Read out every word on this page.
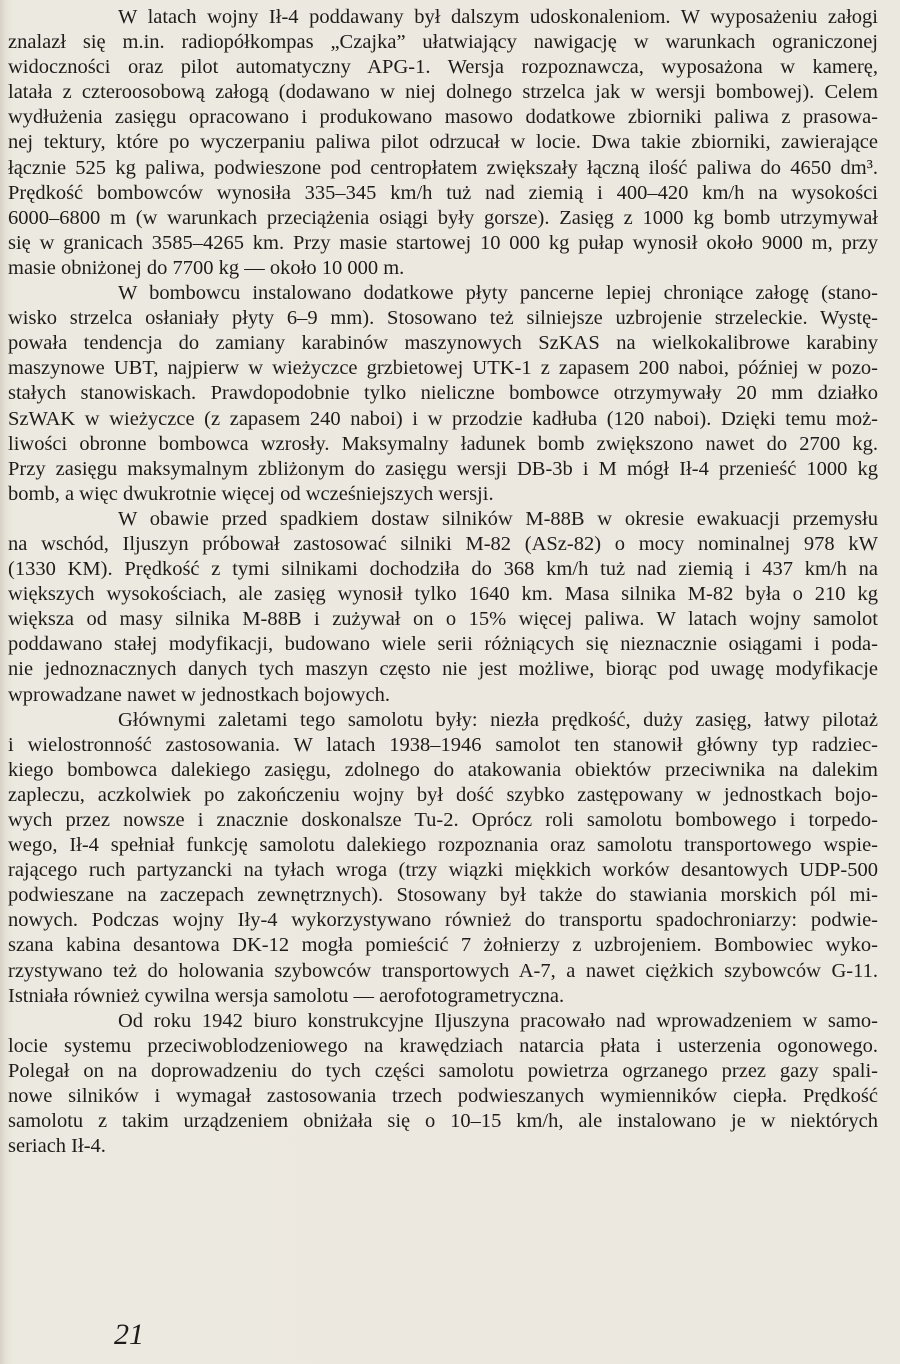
W latach wojny Ił-4 poddawany był dalszym udoskonaleniom. W wyposażeniu załogi
znalazł się m.in. radiopółkompas „Czajka” ułatwiający nawigację w warunkach ograniczonej
widoczności oraz pilot automatyczny APG-1. Wersja rozpoznawcza, wyposażona w kamerę,
latała z czteroosobową załogą (dodawano w niej dolnego strzelca jak w wersji bombowej). Celem
wydłużenia zasięgu opracowano i produkowano masowo dodatkowe zbiorniki paliwa z prasowa-
nej tektury, które po wyczerpaniu paliwa pilot odrzucał w locie. Dwa takie zbiorniki, zawierające
łącznie 525 kg paliwa, podwieszone pod centropłatem zwiększały łączną ilość paliwa do 4650 dm³.
Prędkość bombowców wynosiła 335–345 km/h tuż nad ziemią i 400–420 km/h na wysokości
6000–6800 m (w warunkach przeciążenia osiągi były gorsze). Zasięg z 1000 kg bomb utrzymywał
się w granicach 3585–4265 km. Przy masie startowej 10 000 kg pułap wynosił około 9000 m, przy
masie obniżonej do 7700 kg — około 10 000 m.
W bombowcu instalowano dodatkowe płyty pancerne lepiej chroniące załogę (stano-
wisko strzelca osłaniały płyty 6–9 mm). Stosowano też silniejsze uzbrojenie strzeleckie. Wystę-
powała tendencja do zamiany karabinów maszynowych SzKAS na wielkokalibrowe karabiny
maszynowe UBT, najpierw w wieżyczce grzbietowej UTK-1 z zapasem 200 naboi, później w pozo-
stałych stanowiskach. Prawdopodobnie tylko nieliczne bombowce otrzymywały 20 mm działko
SzWAK w wieżyczce (z zapasem 240 naboi) i w przodzie kadłuba (120 naboi). Dzięki temu moż-
liwości obronne bombowca wzrosły. Maksymalny ładunek bomb zwiększono nawet do 2700 kg.
Przy zasięgu maksymalnym zbliżonym do zasięgu wersji DB-3b i M mógł Ił-4 przenieść 1000 kg
bomb, a więc dwukrotnie więcej od wcześniejszych wersji.
W obawie przed spadkiem dostaw silników M-88B w okresie ewakuacji przemysłu
na wschód, Iljuszyn próbował zastosować silniki M-82 (ASz-82) o mocy nominalnej 978 kW
(1330 KM). Prędkość z tymi silnikami dochodziła do 368 km/h tuż nad ziemią i 437 km/h na
większych wysokościach, ale zasięg wynosił tylko 1640 km. Masa silnika M-82 była o 210 kg
większa od masy silnika M-88B i zużywał on o 15% więcej paliwa. W latach wojny samolot
poddawano stałej modyfikacji, budowano wiele serii różniących się nieznacznie osiągami i poda-
nie jednoznacznych danych tych maszyn często nie jest możliwe, biorąc pod uwagę modyfikacje
wprowadzane nawet w jednostkach bojowych.
Głównymi zaletami tego samolotu były: niezła prędkość, duży zasięg, łatwy pilotaż
i wielostronność zastosowania. W latach 1938–1946 samolot ten stanowił główny typ radziec-
kiego bombowca dalekiego zasięgu, zdolnego do atakowania obiektów przeciwnika na dalekim
zapleczu, aczkolwiek po zakończeniu wojny był dość szybko zastępowany w jednostkach bojo-
wych przez nowsze i znacznie doskonalsze Tu-2. Oprócz roli samolotu bombowego i torpedo-
wego, Ił-4 spełniał funkcję samolotu dalekiego rozpoznania oraz samolotu transportowego wspie-
rającego ruch partyzancki na tyłach wroga (trzy wiązki miękkich worków desantowych UDP-500
podwieszane na zaczepach zewnętrznych). Stosowany był także do stawiania morskich pól mi-
nowych. Podczas wojny Iły-4 wykorzystywano również do transportu spadochroniarzy: podwie-
szana kabina desantowa DK-12 mogła pomieścić 7 żołnierzy z uzbrojeniem. Bombowiec wyko-
rzystywano też do holowania szybowców transportowych A-7, a nawet ciężkich szybowców G-11.
Istniała również cywilna wersja samolotu — aerofotogrametryczna.
Od roku 1942 biuro konstrukcyjne Iljuszyna pracowało nad wprowadzeniem w samo-
locie systemu przeciwoblodzeniowego na krawędziach natarcia płata i usterzenia ogonowego.
Polegał on na doprowadzeniu do tych części samolotu powietrza ogrzanego przez gazy spali-
nowe silników i wymagał zastosowania trzech podwieszanych wymienników ciepła. Prędkość
samolotu z takim urządzeniem obniżała się o 10–15 km/h, ale instalowano je w niektórych
seriach Ił-4.
21
